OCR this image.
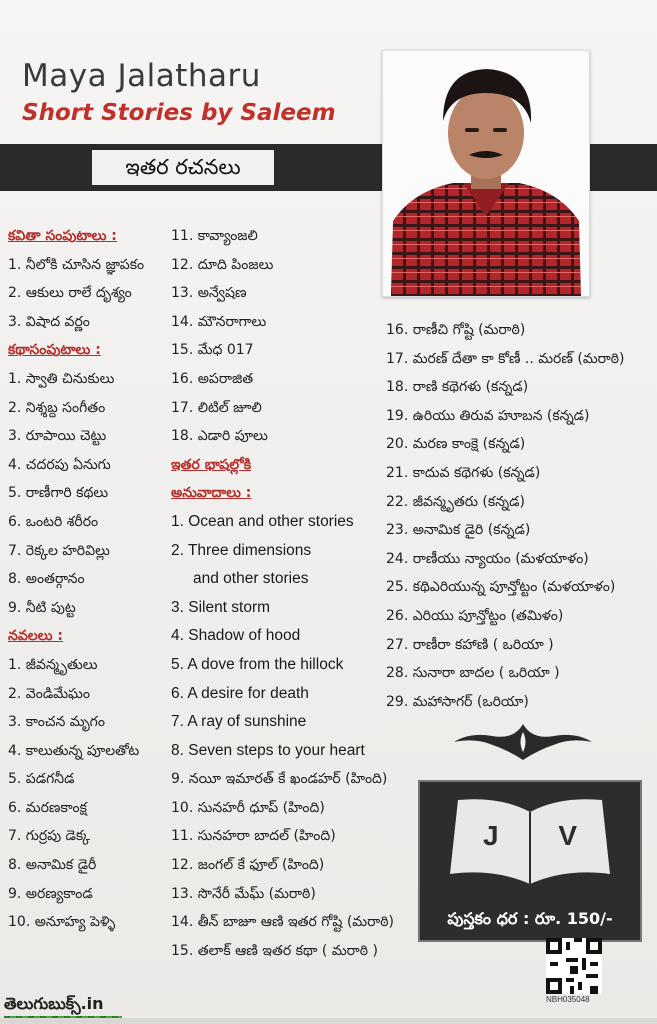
Maya Jalatharu
Short Stories by Saleem
ఇతర రచనలు
కవితా సంపుటాలు :
1. నీలోకి చూసిన జ్ఞాపకం
2. ఆకులు రాలే దృశ్యం
3. విషాద వర్ణం
కథాసంపుటాలు :
1. స్వాతి చినుకులు
2. నిశ్శబ్ద సంగీతం
3. రూపాయి చెట్టు
4. చదరపు ఏనుగు
5. రాణీగారి కథలు
6. ఒంటరి శరీరం
7. రెక్కల హరివిల్లు
8. అంతర్గానం
9. నీటి పుట్ట
నవలలు :
1. జీవన్మృతులు
2. వెండిమేఘం
3. కాంచన మృగం
4. కాలుతున్న పూలతోట
5. పడగనీడ
6. మరణకాంక్ష
7. గుర్రపు డెక్క
8. అనామిక డైరీ
9. అరణ్యకాండ
10. అనూహ్య పెళ్ళి
11. కావ్యాంజలి
12. దూది పింజలు
13. అన్వేషణ
14. మౌనరాగాలు
15. మేధ 017
16. అపరాజిత
17. లిటిల్ జూలి
18. ఎడారి పూలు
ఇతర భాషల్లోకి
అనువాదాలు :
1. Ocean and other stories
2. Three dimensions
and other stories
3. Silent storm
4. Shadow of hood
5. A dove from the hillock
6. A desire for death
7. A ray of sunshine
8. Seven steps to your heart
9. నయీ ఇమారత్ కే ఖండహర్ (హింది)
10. సునహరీ ధూప్ (హింది)
11. సునహరా బాదల్ (హింది)
12. జంగల్ కే ఫూల్ (హింది)
13. సొనేరీ మేఘ్ (మరాఠి)
14. తీన్ బాజూ ఆణి ఇతర గోష్టి (మరాఠి)
15. తలాక్ ఆణి ఇతర కథా ( మరాఠి )
16. రాణీచి గోష్టి (మరాఠి)
17. మరణ్ దేతా కా కోణీ .. మరణ్ (మరాఠి)
18. రాణి కథెగళు (కన్నడ)
19. ఉరియు తిరువ హూబన (కన్నడ)
20. మరణ కాంక్షె (కన్నడ)
21. కాదువ కథెగళు (కన్నడ)
22. జీవన్మృతరు (కన్నడ)
23. అనామిక డైరి (కన్నడ)
24. రాణీయు న్యాయం (మళయాళం)
25. కథిఎరియున్న పూన్తోట్టం (మళయాళం)
26. ఎరియు పూన్తోట్టం (తమిళం)
27. రాణీరా కహాణి ( ఒరియా )
28. సునారా బాదల ( ఒరియా )
29. మహాసాగర్ (ఒరియా)
J V
పుస్తకం ధర : రూ. 150/-
NBH035048
తెలుగుబుక్స్.in
